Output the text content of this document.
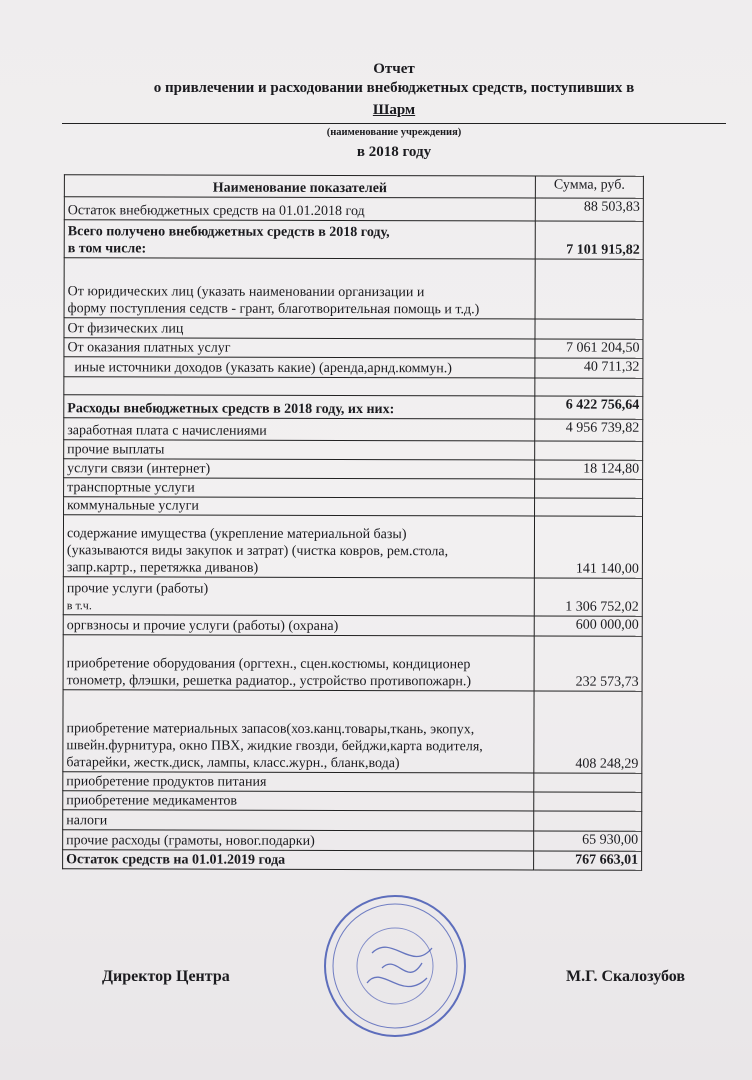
Отчет
о привлечении и расходовании внебюджетных средств, поступивших в
Шарм
(наименование учреждения)
в 2018 году
Наименование показателей	Сумма, руб.
Остаток внебюджетных средств на 01.01.2018 год	88 503,83
Всего получено внебюджетных средств в 2018 году,
в том числе:	7 101 915,82
От юридических лиц (указать наименовании организации и
форму поступления седств - грант, благотворительная помощь и т.д.)	
От физических лиц	
От оказания платных услуг	7 061 204,50
иные источники доходов (указать какие) (аренда,арнд.коммун.)	40 711,32

Расходы внебюджетных средств в 2018 году, их них:	6 422 756,64
заработная плата с начислениями	4 956 739,82
прочие выплаты	
услуги связи (интернет)	18 124,80
транспортные услуги	
коммунальные услуги	
содержание имущества (укрепление материальной базы)
(указываются виды закупок и затрат) (чистка ковров, рем.стола,
запр.картр., перетяжка диванов)	141 140,00
прочие услуги (работы)
в т.ч.	1 306 752,02
оргвзносы и прочие услуги (работы) (охрана)	600 000,00
приобретение оборудования (оргтехн., сцен.костюмы, кондиционер
тонометр, флэшки, решетка радиатор., устройство противопожарн.)	232 573,73
приобретение материальных запасов(хоз.канц.товары,ткань, экопух,
швейн.фурнитура, окно ПВХ, жидкие гвозди, бейджи,карта водителя,
батарейки, жестк.диск, лампы, класс.журн., бланк,вода)	408 248,29
приобретение продуктов питания	
приобретение медикаментов	
налоги	
прочие расходы (грамоты, новог.подарки)	65 930,00
Остаток средств на 01.01.2019 года	767 663,01
Директор Центра	М.Г. Скалозубов
